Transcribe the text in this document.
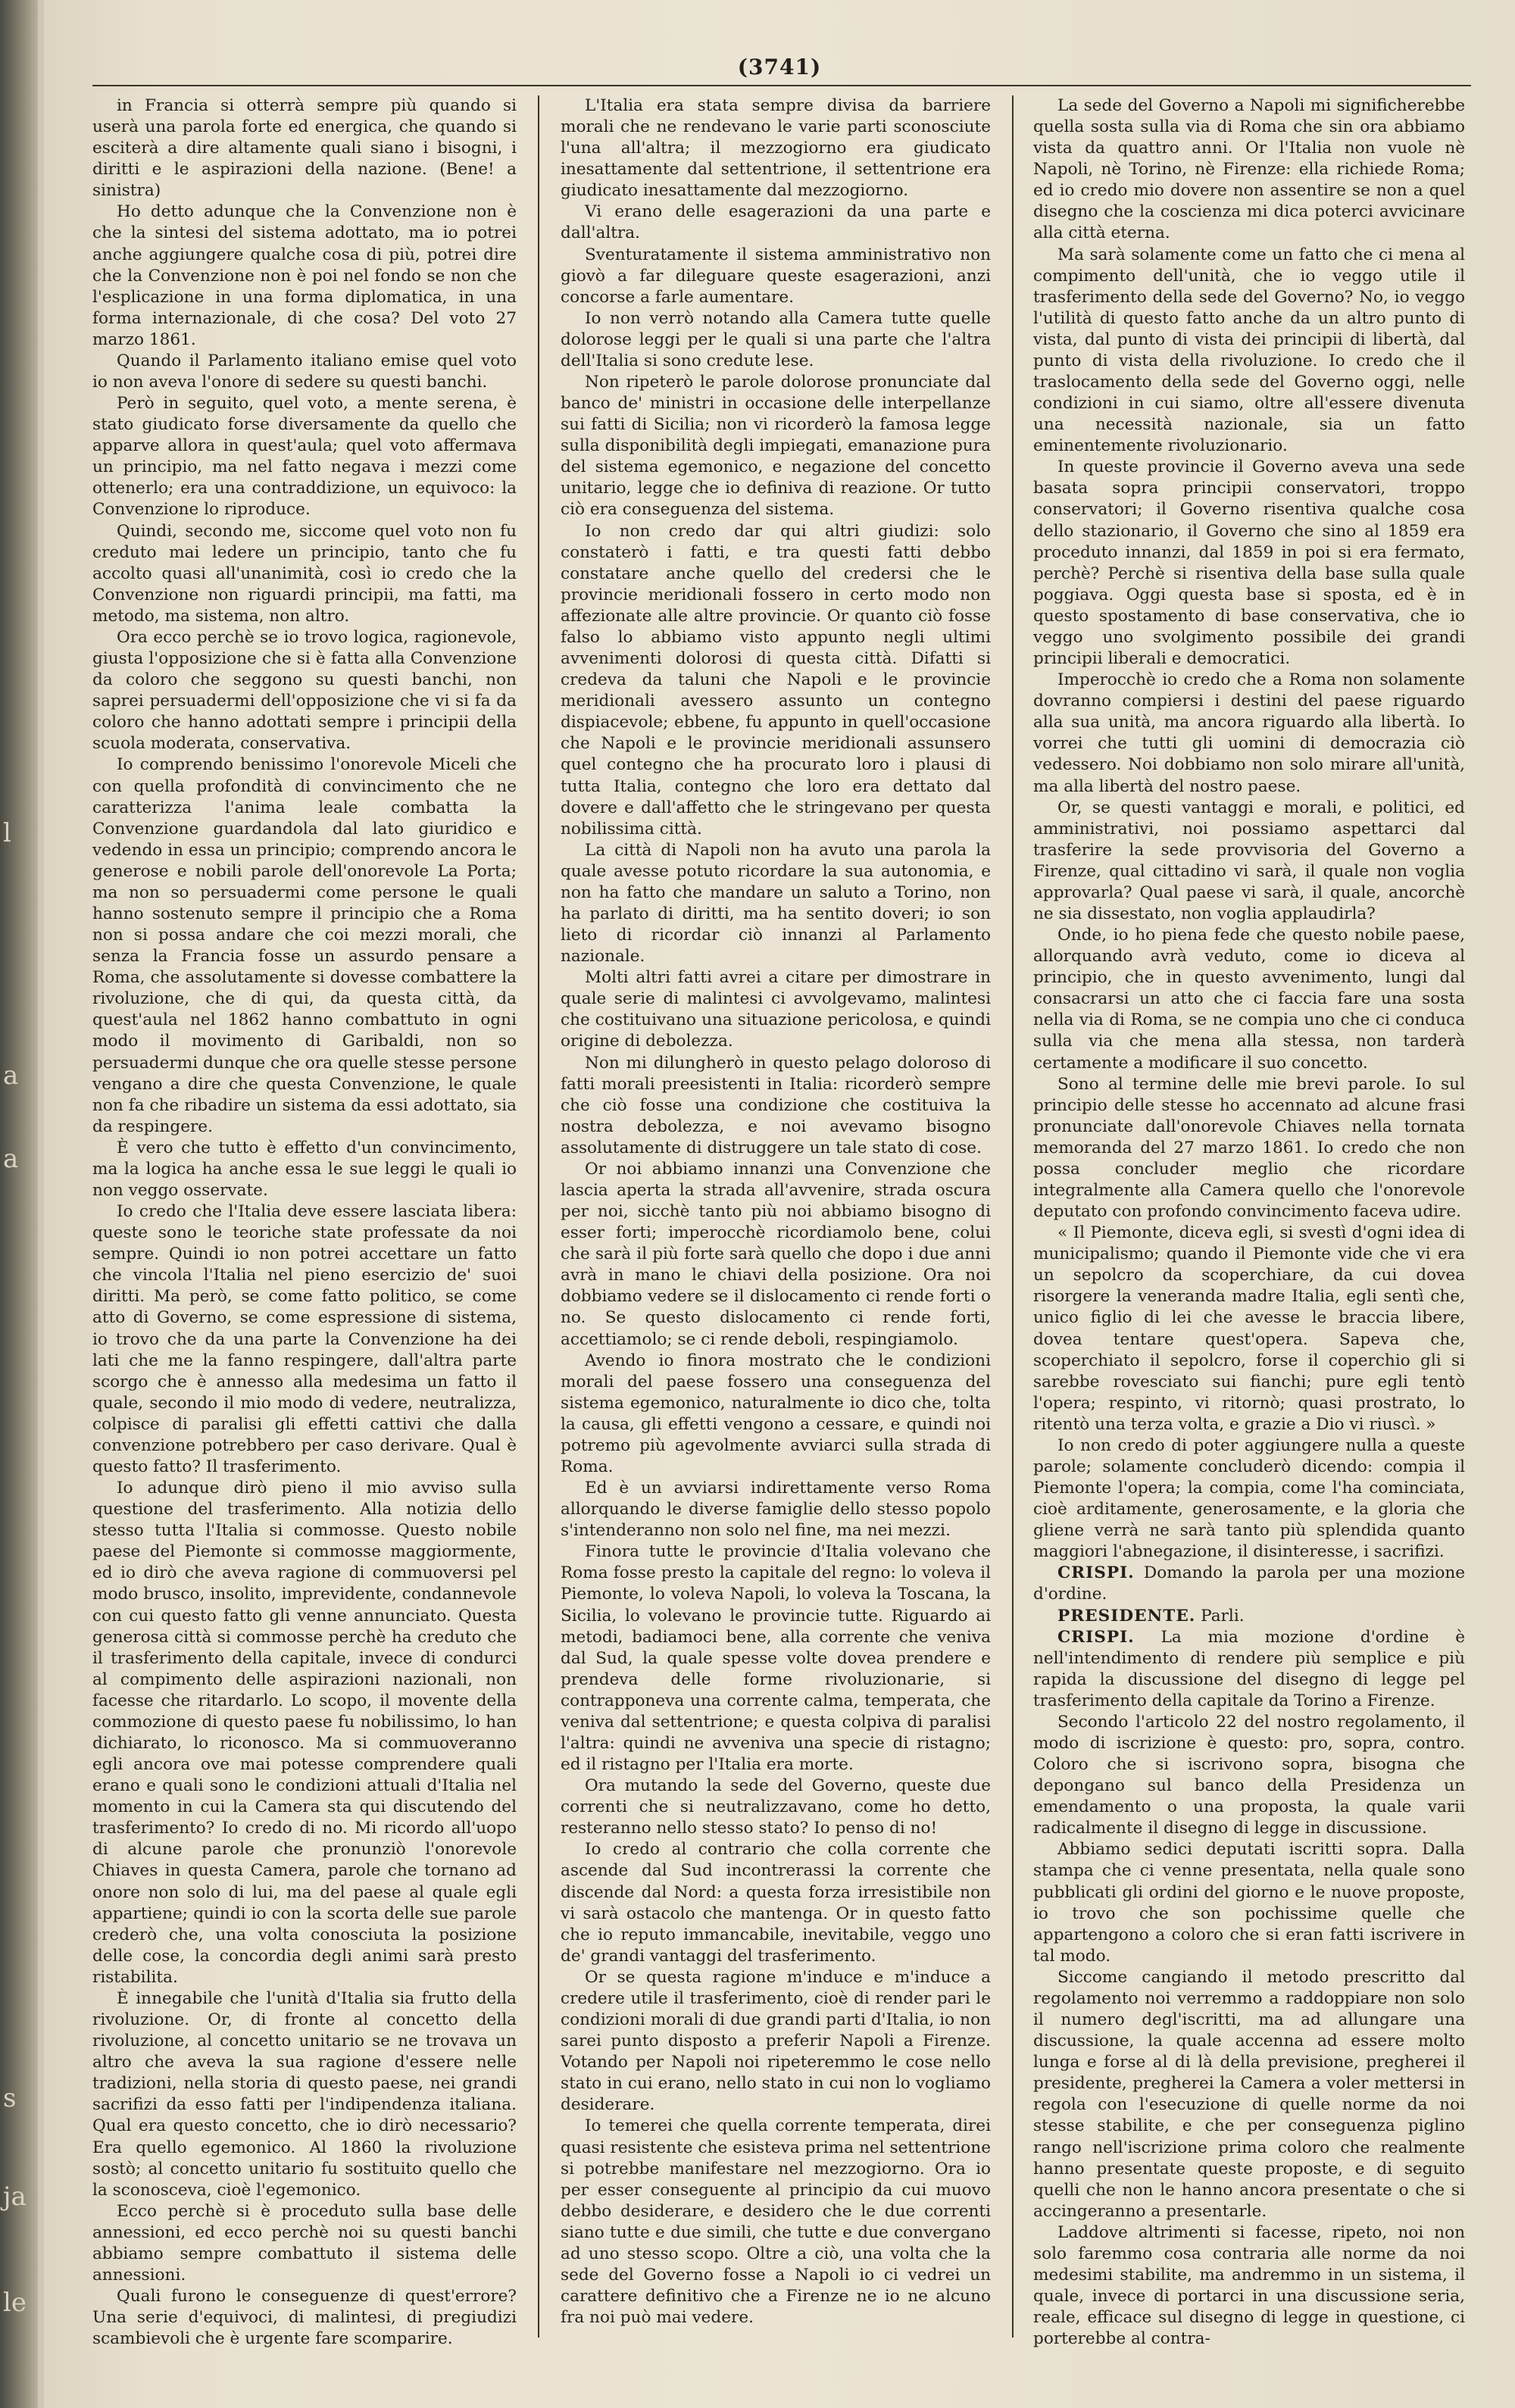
l
a
a
s
ja
le
(3741)

in Francia si otterrà sempre più quando si userà una parola forte ed energica, che quando si esciterà a dire altamente quali siano i bisogni, i diritti e le aspirazioni della nazione. (Bene! a sinistra)

Ho detto adunque che la Convenzione non è che la sintesi del sistema adottato, ma io potrei anche aggiungere qualche cosa di più, potrei dire che la Convenzione non è poi nel fondo se non che l'esplicazione in una forma diplomatica, in una forma internazionale, di che cosa? Del voto 27 marzo 1861.

Quando il Parlamento italiano emise quel voto io non aveva l'onore di sedere su questi banchi.

Però in seguito, quel voto, a mente serena, è stato giudicato forse diversamente da quello che apparve allora in quest'aula; quel voto affermava un principio, ma nel fatto negava i mezzi come ottenerlo; era una contraddizione, un equivoco: la Convenzione lo riproduce.

Quindi, secondo me, siccome quel voto non fu creduto mai ledere un principio, tanto che fu accolto quasi all'unanimità, così io credo che la Convenzione non riguardi principii, ma fatti, ma metodo, ma sistema, non altro.

Ora ecco perchè se io trovo logica, ragionevole, giusta l'opposizione che si è fatta alla Convenzione da coloro che seggono su questi banchi, non saprei persuadermi dell'opposizione che vi si fa da coloro che hanno adottati sempre i principii della scuola moderata, conservativa.

Io comprendo benissimo l'onorevole Miceli che con quella profondità di convincimento che ne caratterizza l'anima leale combatta la Convenzione guardandola dal lato giuridico e vedendo in essa un principio; comprendo ancora le generose e nobili parole dell'onorevole La Porta; ma non so persuadermi come persone le quali hanno sostenuto sempre il principio che a Roma non si possa andare che coi mezzi morali, che senza la Francia fosse un assurdo pensare a Roma, che assolutamente si dovesse combattere la rivoluzione, che di qui, da questa città, da quest'aula nel 1862 hanno combattuto in ogni modo il movimento di Garibaldi, non so persuadermi dunque che ora quelle stesse persone vengano a dire che questa Convenzione, le quale non fa che ribadire un sistema da essi adottato, sia da respingere.

È vero che tutto è effetto d'un convincimento, ma la logica ha anche essa le sue leggi le quali io non veggo osservate.

Io credo che l'Italia deve essere lasciata libera: queste sono le teoriche state professate da noi sempre. Quindi io non potrei accettare un fatto che vincola l'Italia nel pieno esercizio de' suoi diritti. Ma però, se come fatto politico, se come atto di Governo, se come espressione di sistema, io trovo che da una parte la Convenzione ha dei lati che me la fanno respingere, dall'altra parte scorgo che è annesso alla medesima un fatto il quale, secondo il mio modo di vedere, neutralizza, colpisce di paralisi gli effetti cattivi che dalla convenzione potrebbero per caso derivare. Qual è questo fatto? Il trasferimento.

Io adunque dirò pieno il mio avviso sulla questione del trasferimento. Alla notizia dello stesso tutta l'Italia si commosse. Questo nobile paese del Piemonte si commosse maggiormente, ed io dirò che aveva ragione di commuoversi pel modo brusco, insolito, imprevidente, condannevole con cui questo fatto gli venne annunciato. Questa generosa città si commosse perchè ha creduto che il trasferimento della capitale, invece di condurci al compimento delle aspirazioni nazionali, non facesse che ritardarlo. Lo scopo, il movente della commozione di questo paese fu nobilissimo, lo han dichiarato, lo riconosco. Ma si commuoveranno egli ancora ove mai potesse comprendere quali erano e quali sono le condizioni attuali d'Italia nel momento in cui la Camera sta qui discutendo del trasferimento? Io credo di no. Mi ricordo all'uopo di alcune parole che pronunziò l'onorevole Chiaves in questa Camera, parole che tornano ad onore non solo di lui, ma del paese al quale egli appartiene; quindi io con la scorta delle sue parole crederò che, una volta conosciuta la posizione delle cose, la concordia degli animi sarà presto ristabilita.

È innegabile che l'unità d'Italia sia frutto della rivoluzione. Or, di fronte al concetto della rivoluzione, al concetto unitario se ne trovava un altro che aveva la sua ragione d'essere nelle tradizioni, nella storia di questo paese, nei grandi sacrifizi da esso fatti per l'indipendenza italiana. Qual era questo concetto, che io dirò necessario? Era quello egemonico. Al 1860 la rivoluzione sostò; al concetto unitario fu sostituito quello che la sconosceva, cioè l'egemonico.

Ecco perchè si è proceduto sulla base delle annessioni, ed ecco perchè noi su questi banchi abbiamo sempre combattuto il sistema delle annessioni.

Quali furono le conseguenze di quest'errore? Una serie d'equivoci, di malintesi, di pregiudizi scambievoli che è urgente fare scomparire.

L'Italia era stata sempre divisa da barriere morali che ne rendevano le varie parti sconosciute l'una all'altra; il mezzogiorno era giudicato inesattamente dal settentrione, il settentrione era giudicato inesattamente dal mezzogiorno.

Vi erano delle esagerazioni da una parte e dall'altra.

Sventuratamente il sistema amministrativo non giovò a far dileguare queste esagerazioni, anzi concorse a farle aumentare.

Io non verrò notando alla Camera tutte quelle dolorose leggi per le quali si una parte che l'altra dell'Italia si sono credute lese.

Non ripeterò le parole dolorose pronunciate dal banco de' ministri in occasione delle interpellanze sui fatti di Sicilia; non vi ricorderò la famosa legge sulla disponibilità degli impiegati, emanazione pura del sistema egemonico, e negazione del concetto unitario, legge che io definiva di reazione. Or tutto ciò era conseguenza del sistema.

Io non credo dar qui altri giudizi: solo constaterò i fatti, e tra questi fatti debbo constatare anche quello del credersi che le provincie meridionali fossero in certo modo non affezionate alle altre provincie. Or quanto ciò fosse falso lo abbiamo visto appunto negli ultimi avvenimenti dolorosi di questa città. Difatti si credeva da taluni che Napoli e le provincie meridionali avessero assunto un contegno dispiacevole; ebbene, fu appunto in quell'occasione che Napoli e le provincie meridionali assunsero quel contegno che ha procurato loro i plausi di tutta Italia, contegno che loro era dettato dal dovere e dall'affetto che le stringevano per questa nobilissima città.

La città di Napoli non ha avuto una parola la quale avesse potuto ricordare la sua autonomia, e non ha fatto che mandare un saluto a Torino, non ha parlato di diritti, ma ha sentito doveri; io son lieto di ricordar ciò innanzi al Parlamento nazionale.

Molti altri fatti avrei a citare per dimostrare in quale serie di malintesi ci avvolgevamo, malintesi che costituivano una situazione pericolosa, e quindi origine di debolezza.

Non mi dilungherò in questo pelago doloroso di fatti morali preesistenti in Italia: ricorderò sempre che ciò fosse una condizione che costituiva la nostra debolezza, e noi avevamo bisogno assolutamente di distruggere un tale stato di cose.

Or noi abbiamo innanzi una Convenzione che lascia aperta la strada all'avvenire, strada oscura per noi, sicchè tanto più noi abbiamo bisogno di esser forti; imperocchè ricordiamolo bene, colui che sarà il più forte sarà quello che dopo i due anni avrà in mano le chiavi della posizione. Ora noi dobbiamo vedere se il dislocamento ci rende forti o no. Se questo dislocamento ci rende forti, accettiamolo; se ci rende deboli, respingiamolo.

Avendo io finora mostrato che le condizioni morali del paese fossero una conseguenza del sistema egemonico, naturalmente io dico che, tolta la causa, gli effetti vengono a cessare, e quindi noi potremo più agevolmente avviarci sulla strada di Roma.

Ed è un avviarsi indirettamente verso Roma allorquando le diverse famiglie dello stesso popolo s'intenderanno non solo nel fine, ma nei mezzi.

Finora tutte le provincie d'Italia volevano che Roma fosse presto la capitale del regno: lo voleva il Piemonte, lo voleva Napoli, lo voleva la Toscana, la Sicilia, lo volevano le provincie tutte. Riguardo ai metodi, badiamoci bene, alla corrente che veniva dal Sud, la quale spesse volte dovea prendere e prendeva delle forme rivoluzionarie, si contrapponeva una corrente calma, temperata, che veniva dal settentrione; e questa colpiva di paralisi l'altra: quindi ne avveniva una specie di ristagno; ed il ristagno per l'Italia era morte.

Ora mutando la sede del Governo, queste due correnti che si neutralizzavano, come ho detto, resteranno nello stesso stato? Io penso di no!

Io credo al contrario che colla corrente che ascende dal Sud incontrerassi la corrente che discende dal Nord: a questa forza irresistibile non vi sarà ostacolo che mantenga. Or in questo fatto che io reputo immancabile, inevitabile, veggo uno de' grandi vantaggi del trasferimento.

Or se questa ragione m'induce e m'induce a credere utile il trasferimento, cioè di render pari le condizioni morali di due grandi parti d'Italia, io non sarei punto disposto a preferir Napoli a Firenze. Votando per Napoli noi ripeteremmo le cose nello stato in cui erano, nello stato in cui non lo vogliamo desiderare.

Io temerei che quella corrente temperata, direi quasi resistente che esisteva prima nel settentrione si potrebbe manifestare nel mezzogiorno. Ora io per esser conseguente al principio da cui muovo debbo desiderare, e desidero che le due correnti siano tutte e due simili, che tutte e due convergano ad uno stesso scopo. Oltre a ciò, una volta che la sede del Governo fosse a Napoli io ci vedrei un carattere definitivo che a Firenze ne io ne alcuno fra noi può mai vedere.

La sede del Governo a Napoli mi significherebbe quella sosta sulla via di Roma che sin ora abbiamo vista da quattro anni. Or l'Italia non vuole nè Napoli, nè Torino, nè Firenze: ella richiede Roma; ed io credo mio dovere non assentire se non a quel disegno che la coscienza mi dica poterci avvicinare alla città eterna.

Ma sarà solamente come un fatto che ci mena al compimento dell'unità, che io veggo utile il trasferimento della sede del Governo? No, io veggo l'utilità di questo fatto anche da un altro punto di vista, dal punto di vista dei principii di libertà, dal punto di vista della rivoluzione. Io credo che il traslocamento della sede del Governo oggi, nelle condizioni in cui siamo, oltre all'essere divenuta una necessità nazionale, sia un fatto eminentemente rivoluzionario.

In queste provincie il Governo aveva una sede basata sopra principii conservatori, troppo conservatori; il Governo risentiva qualche cosa dello stazionario, il Governo che sino al 1859 era proceduto innanzi, dal 1859 in poi si era fermato, perchè? Perchè si risentiva della base sulla quale poggiava. Oggi questa base si sposta, ed è in questo spostamento di base conservativa, che io veggo uno svolgimento possibile dei grandi principii liberali e democratici.

Imperocchè io credo che a Roma non solamente dovranno compiersi i destini del paese riguardo alla sua unità, ma ancora riguardo alla libertà. Io vorrei che tutti gli uomini di democrazia ciò vedessero. Noi dobbiamo non solo mirare all'unità, ma alla libertà del nostro paese.

Or, se questi vantaggi e morali, e politici, ed amministrativi, noi possiamo aspettarci dal trasferire la sede provvisoria del Governo a Firenze, qual cittadino vi sarà, il quale non voglia approvarla? Qual paese vi sarà, il quale, ancorchè ne sia dissestato, non voglia applaudirla?

Onde, io ho piena fede che questo nobile paese, allorquando avrà veduto, come io diceva al principio, che in questo avvenimento, lungi dal consacrarsi un atto che ci faccia fare una sosta nella via di Roma, se ne compia uno che ci conduca sulla via che mena alla stessa, non tarderà certamente a modificare il suo concetto.

Sono al termine delle mie brevi parole. Io sul principio delle stesse ho accennato ad alcune frasi pronunciate dall'onorevole Chiaves nella tornata memoranda del 27 marzo 1861. Io credo che non possa concluder meglio che ricordare integralmente alla Camera quello che l'onorevole deputato con profondo convincimento faceva udire.

« Il Piemonte, diceva egli, si svestì d'ogni idea di municipalismo; quando il Piemonte vide che vi era un sepolcro da scoperchiare, da cui dovea risorgere la veneranda madre Italia, egli sentì che, unico figlio di lei che avesse le braccia libere, dovea tentare quest'opera. Sapeva che, scoperchiato il sepolcro, forse il coperchio gli si sarebbe rovesciato sui fianchi; pure egli tentò l'opera; respinto, vi ritornò; quasi prostrato, lo ritentò una terza volta, e grazie a Dio vi riuscì. »

Io non credo di poter aggiungere nulla a queste parole; solamente concluderò dicendo: compia il Piemonte l'opera; la compia, come l'ha cominciata, cioè arditamente, generosamente, e la gloria che gliene verrà ne sarà tanto più splendida quanto maggiori l'abnegazione, il disinteresse, i sacrifizi.

CRISPI. Domando la parola per una mozione d'ordine.

PRESIDENTE. Parli.

CRISPI. La mia mozione d'ordine è nell'intendimento di rendere più semplice e più rapida la discussione del disegno di legge pel trasferimento della capitale da Torino a Firenze.

Secondo l'articolo 22 del nostro regolamento, il modo di iscrizione è questo: pro, sopra, contro. Coloro che si iscrivono sopra, bisogna che depongano sul banco della Presidenza un emendamento o una proposta, la quale varii radicalmente il disegno di legge in discussione.

Abbiamo sedici deputati iscritti sopra. Dalla stampa che ci venne presentata, nella quale sono pubblicati gli ordini del giorno e le nuove proposte, io trovo che son pochissime quelle che appartengono a coloro che si eran fatti iscrivere in tal modo.

Siccome cangiando il metodo prescritto dal regolamento noi verremmo a raddoppiare non solo il numero degl'iscritti, ma ad allungare una discussione, la quale accenna ad essere molto lunga e forse al di là della previsione, pregherei il presidente, pregherei la Camera a voler mettersi in regola con l'esecuzione di quelle norme da noi stesse stabilite, e che per conseguenza piglino rango nell'iscrizione prima coloro che realmente hanno presentate queste proposte, e di seguito quelli che non le hanno ancora presentate o che si accingeranno a presentarle.

Laddove altrimenti si facesse, ripeto, noi non solo faremmo cosa contraria alle norme da noi medesimi stabilite, ma andremmo in un sistema, il quale, invece di portarci in una discussione seria, reale, efficace sul disegno di legge in questione, ci porterebbe al contra-
